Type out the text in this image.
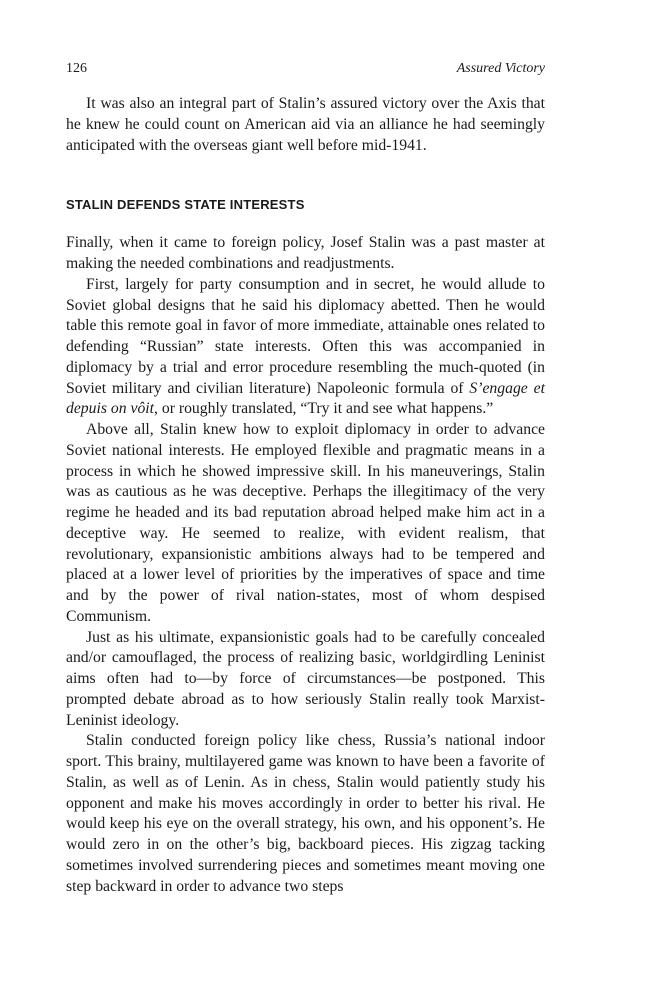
126	Assured Victory

It was also an integral part of Stalin’s assured victory over the Axis that he knew he could count on American aid via an alliance he had seemingly anticipated with the overseas giant well before mid-1941.

STALIN DEFENDS STATE INTERESTS

Finally, when it came to foreign policy, Josef Stalin was a past master at making the needed combinations and readjustments.

First, largely for party consumption and in secret, he would allude to Soviet global designs that he said his diplomacy abetted. Then he would table this remote goal in favor of more immediate, attainable ones related to defending “Russian” state interests. Often this was accompanied in diplomacy by a trial and error procedure resembling the much-quoted (in Soviet military and civilian literature) Napoleonic formula of S’engage et depuis on vôit, or roughly translated, “Try it and see what happens.”

Above all, Stalin knew how to exploit diplomacy in order to advance Soviet national interests. He employed flexible and pragmatic means in a process in which he showed impressive skill. In his maneuverings, Stalin was as cautious as he was deceptive. Perhaps the illegitimacy of the very regime he headed and its bad reputation abroad helped make him act in a deceptive way. He seemed to realize, with evident realism, that revolutionary, expansionistic ambitions always had to be tempered and placed at a lower level of priorities by the imperatives of space and time and by the power of rival nation-states, most of whom despised Communism.

Just as his ultimate, expansionistic goals had to be carefully concealed and/or camouflaged, the process of realizing basic, worldgirdling Leninist aims often had to—by force of circumstances—be postponed. This prompted debate abroad as to how seriously Stalin really took Marxist-Leninist ideology.

Stalin conducted foreign policy like chess, Russia’s national indoor sport. This brainy, multilayered game was known to have been a favorite of Stalin, as well as of Lenin. As in chess, Stalin would patiently study his opponent and make his moves accordingly in order to better his rival. He would keep his eye on the overall strategy, his own, and his opponent’s. He would zero in on the other’s big, backboard pieces. His zigzag tacking sometimes involved surrendering pieces and sometimes meant moving one step backward in order to advance two steps
